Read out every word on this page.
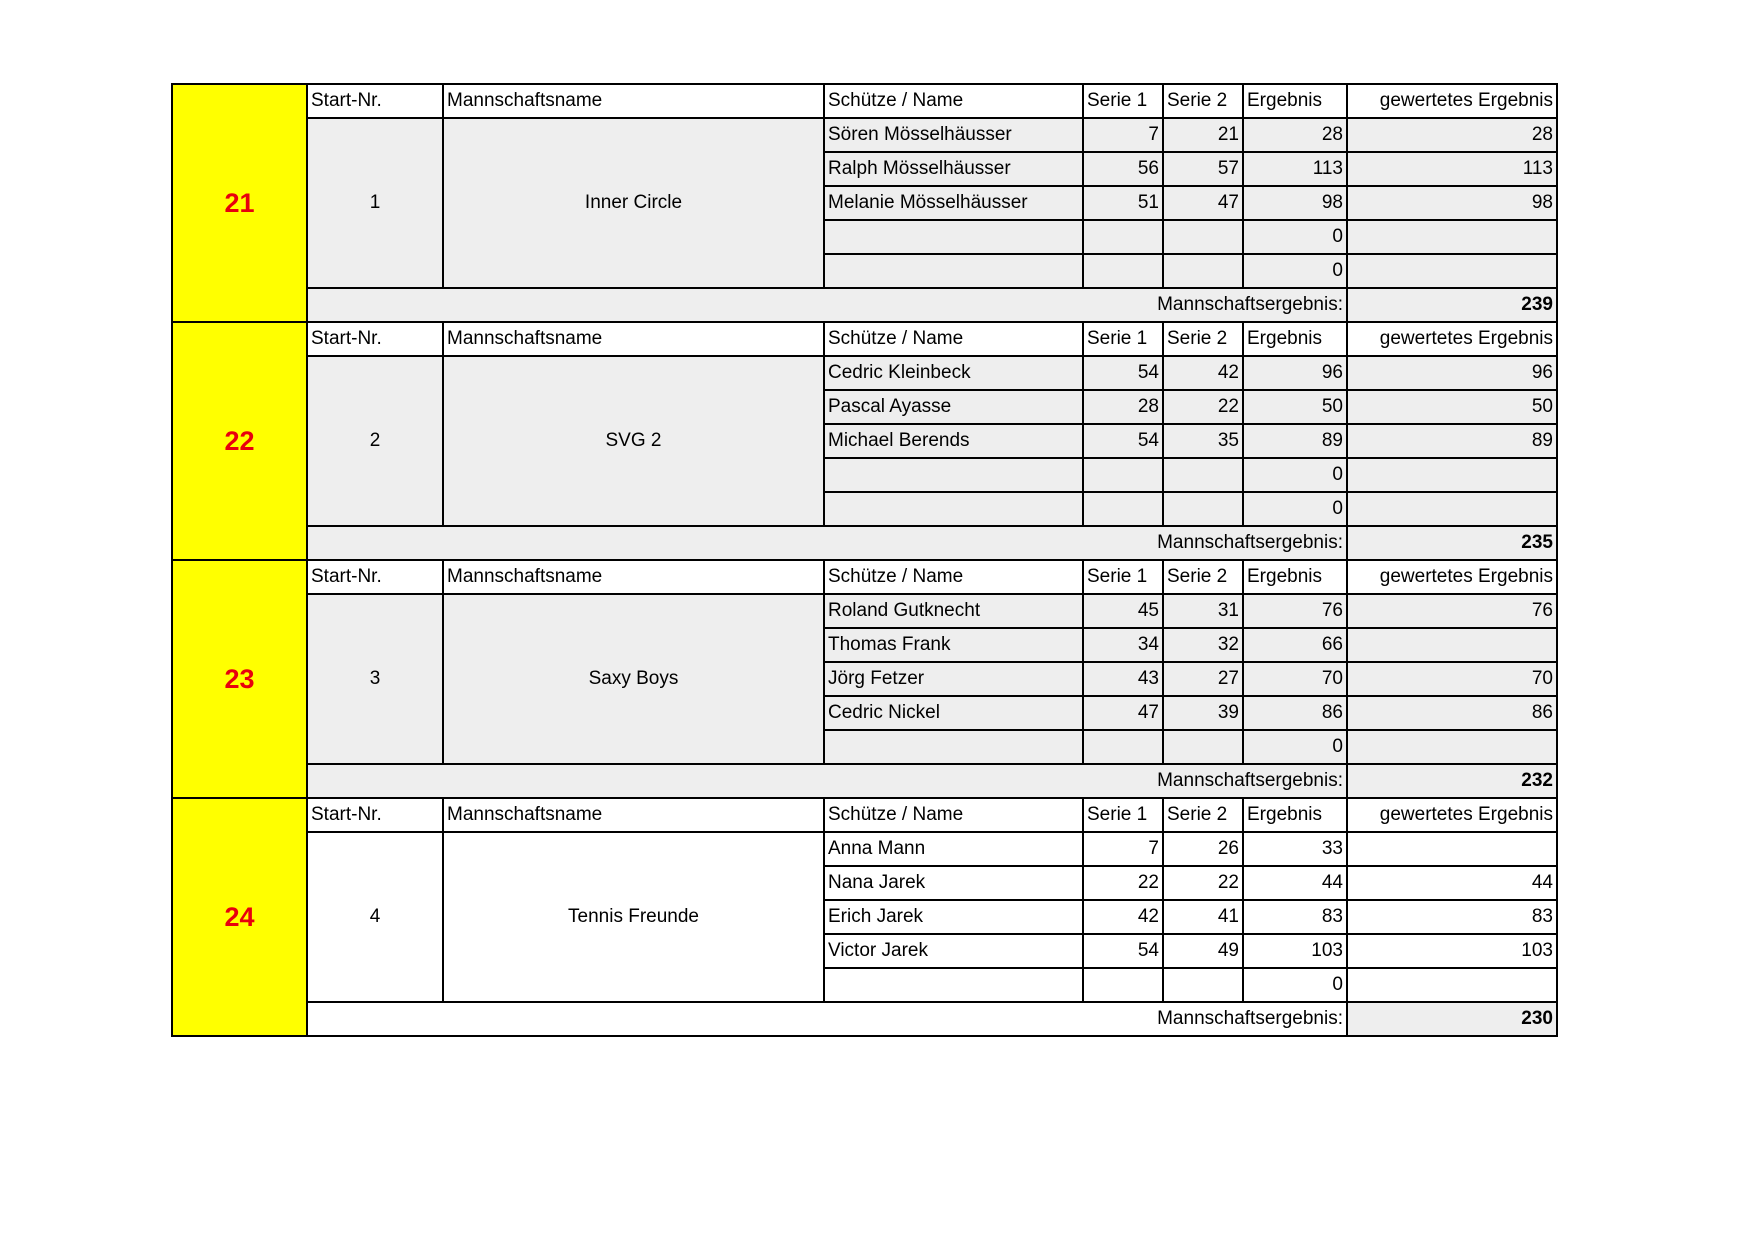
21	Start-Nr.	Mannschaftsname	Schütze / Name	Serie 1	Serie 2	Ergebnis	gewertetes Ergebnis
	1	Inner Circle	Sören Mösselhäusser	7	21	28	28
			Ralph Mösselhäusser	56	57	113	113
			Melanie Mösselhäusser	51	47	98	98
						0	
						0	
	Mannschaftsergebnis:						239
22	Start-Nr.	Mannschaftsname	Schütze / Name	Serie 1	Serie 2	Ergebnis	gewertetes Ergebnis
	2	SVG 2	Cedric Kleinbeck	54	42	96	96
			Pascal Ayasse	28	22	50	50
			Michael Berends	54	35	89	89
						0	
						0	
	Mannschaftsergebnis:						235
23	Start-Nr.	Mannschaftsname	Schütze / Name	Serie 1	Serie 2	Ergebnis	gewertetes Ergebnis
	3	Saxy Boys	Roland Gutknecht	45	31	76	76
			Thomas Frank	34	32	66	
			Jörg Fetzer	43	27	70	70
			Cedric Nickel	47	39	86	86
						0	
	Mannschaftsergebnis:						232
24	Start-Nr.	Mannschaftsname	Schütze / Name	Serie 1	Serie 2	Ergebnis	gewertetes Ergebnis
	4	Tennis Freunde	Anna Mann	7	26	33	
			Nana Jarek	22	22	44	44
			Erich Jarek	42	41	83	83
			Victor Jarek	54	49	103	103
						0	
	Mannschaftsergebnis:						230
